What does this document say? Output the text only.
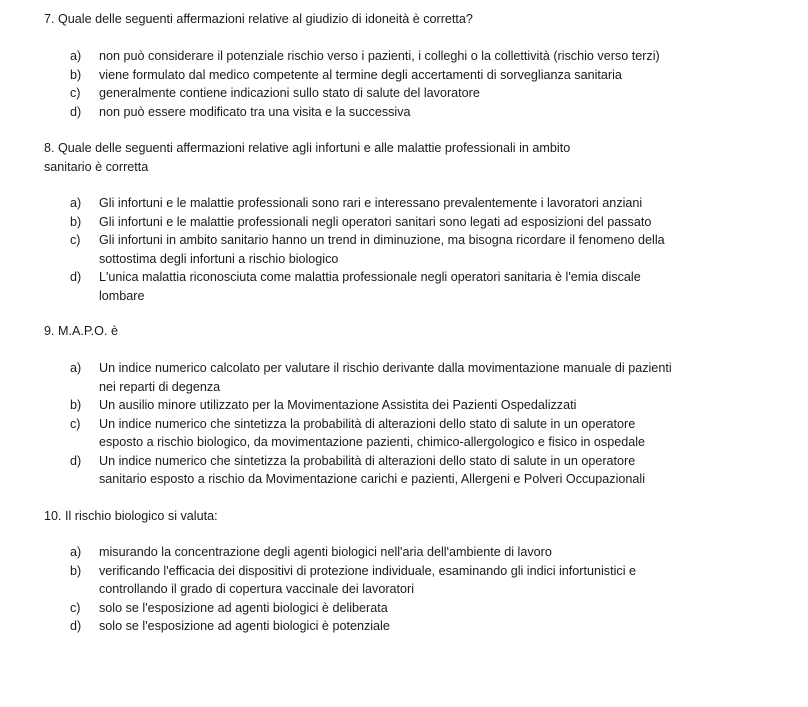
7. Quale delle seguenti affermazioni relative al giudizio di idoneità è corretta?

a)	non può considerare il potenziale rischio verso i pazienti, i colleghi o la collettività (rischio verso terzi)
b)	viene formulato dal medico competente al termine degli accertamenti di sorveglianza sanitaria
c)	generalmente contiene indicazioni sullo stato di salute del lavoratore
d)	non può essere modificato tra una visita e la successiva

8. Quale delle seguenti affermazioni relative agli infortuni e alle malattie professionali in ambito

sanitario è corretta

a)	Gli infortuni e le malattie professionali sono rari e interessano prevalentemente i lavoratori anziani
b)	Gli infortuni e le malattie professionali negli operatori sanitari sono legati ad esposizioni del passato
c)	Gli infortuni in ambito sanitario hanno un trend in diminuzione, ma bisogna ricordare il fenomeno della
sottostima degli infortuni a rischio biologico
d)	L'unica malattia riconosciuta come malattia professionale negli operatori sanitaria è l'emia discale
lombare

9. M.A.P.O. è

a)	Un indice numerico calcolato per valutare il rischio derivante dalla movimentazione manuale di pazienti
nei reparti di degenza
b)	Un ausilio minore utilizzato per la Movimentazione Assistita dei Pazienti Ospedalizzati
c)	Un indice numerico che sintetizza la probabilità di alterazioni dello stato di salute in un operatore
esposto a rischio biologico, da movimentazione pazienti, chimico-allergologico e fisico in ospedale
d)	Un indice numerico che sintetizza la probabilità di alterazioni dello stato di salute in un operatore
sanitario esposto a rischio da Movimentazione carichi e pazienti, Allergeni e Polveri Occupazionali

10. Il rischio biologico si valuta:

a)	misurando la concentrazione degli agenti biologici nell'aria dell'ambiente di lavoro
b)	verificando l'efficacia dei dispositivi di protezione individuale, esaminando gli indici infortunistici e
controllando il grado di copertura vaccinale dei lavoratori
c)	solo se l'esposizione ad agenti biologici è deliberata
d)	solo se l'esposizione ad agenti biologici è potenziale
